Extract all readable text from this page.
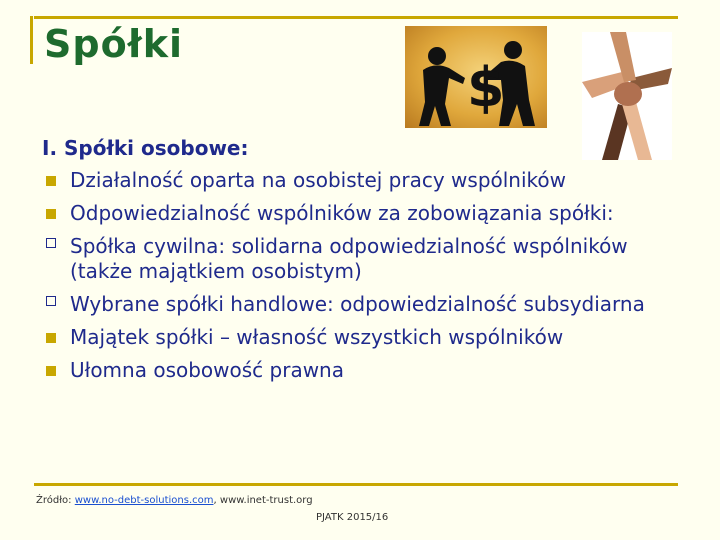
Spółki
$
I. Spółki osobowe:
Działalność oparta na osobistej pracy wspólników
Odpowiedzialność wspólników za zobowiązania spółki:
Spółka cywilna: solidarna odpowiedzialność wspólników (także majątkiem osobistym)
Wybrane spółki handlowe: odpowiedzialność subsydiarna
Majątek spółki – własność wszystkich wspólników
Ułomna osobowość prawna
Źródło: www.no-debt-solutions.com, www.inet-trust.org
PJATK 2015/16
